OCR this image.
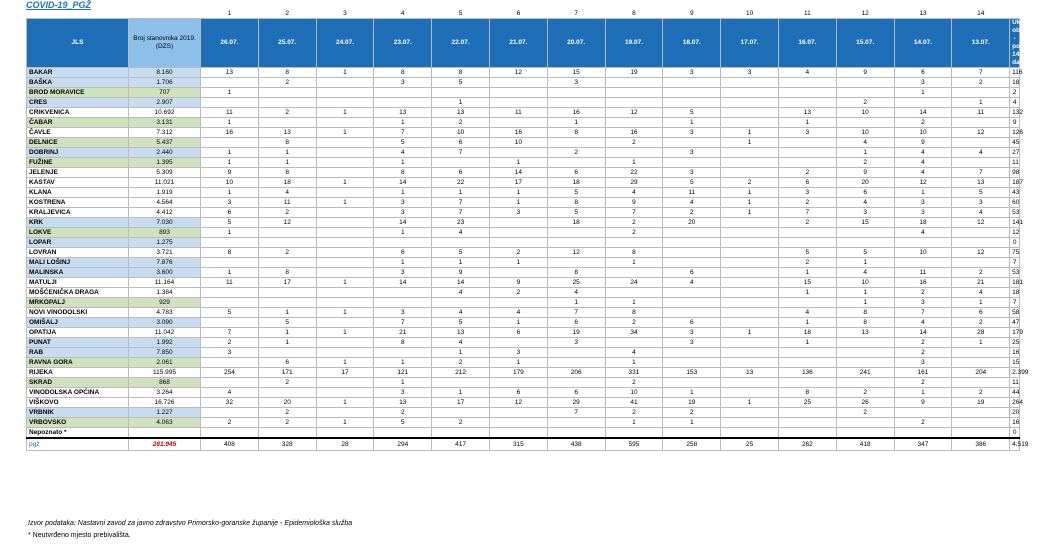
COVID-19_PGŽ
		1	2	3	4	5	6	7	8	9	10	11	12	13	14		
JLS	Broj stanovnika 2019. (DZS)	26.07.	25.07.	24.07.	23.07.	22.07.	21.07.	20.07.	19.07.	18.07.	17.07.	16.07.	15.07.	14.07.	13.07.	Ukupno oboljeli - posljednjih 14 dana	
BAKAR	8.160	13	8	1	8	8	12	15	19	3	3	4	9	6	7	116	
BAŠKA	1.706		2		3	5		3						3	2	18	
BROD MORAVICE	707	1												1		2	
CRES	2.907					1							2		1	4	
CRIKVENICA	10.692	11	2	1	13	13	11	16	12	5		13	10	14	11	132	
ČABAR	3.131	1			1	2		1		1		1		2		9	
ČAVLE	7.312	16	13	1	7	10	16	8	16	3	1	3	10	10	12	126	
DELNICE	5.437		8		5	6	10		2		1		4	9		45	
DOBRINJ	2.440	1	1		4	7		2		3			1	4	4	27	
FUŽINE	1.395	1	1		1		1		1				2	4		11	
JELENJE	5.309	9	8		8	6	14	6	22	3		2	9	4	7	98	
KASTAV	11.021	10	18	1	14	22	17	18	29	5	2	6	20	12	13	187	
KLANA	1.919	1	4		1	1	1	5	4	11	1	3	6	1	5	43	
KOSTRENA	4.564	3	11	1	3	7	1	8	9	4	1	2	4	3	3	60	
KRALJEVICA	4.412	6	2		3	7	3	5	7	2	1	7	3	3	4	53	
KRK	7.030	5	12		14	23		18	2	20		2	15	18	12	141	
LOKVE	893	1			1	4			2					4		12	
LOPAR	1.275															0	
LOVRAN	3.721	8	2		6	5	2	12	8			5	5	10	12	75	
MALI LOŠINJ	7.876				1	1	1		1			2	1			7	
MALINSKA	3.600	1	8		3	9		8		6		1	4	11	2	53	
MATULJI	11.164	11	17	1	14	14	9	25	24	4		15	10	16	21	181	
MOŠĆENIČKA DRAGA	1.384					4	2	4				1	1	2	4	18	
MRKOPALJ	929							1	1				1	3	1	7	
NOVI VINODOLSKI	4.783	5	1	1	3	4	4	7	8			4	8	7	6	58	
OMIŠALJ	3.090		5		7	5	1	6	2	6		1	8	4	2	47	
OPATIJA	11.042	7	1	1	21	13	6	19	34	3	1	18	13	14	28	179	
PUNAT	1.992	2	1		8	4		3		3		1		2	1	25	
RAB	7.850	3				1	3		4					2		16	
RAVNA GORA	2.061		6	1	1	2	1		1					3		15	
RIJEKA	115.995	254	171	17	121	212	179	206	331	153	13	136	241	161	204	2.399	
SKRAD	868		2		1				2					2		11	
VINODOLSKA OPĆINA	3.264	4			3	1	6	6	10	1		8	2	1	2	44	
VIŠKOVO	16.726	32	20	1	13	17	12	29	41	19	1	25	26	9	19	264	
VRBNIK	1.227		2		2			7	2	2			2			20	
VRBOVSKO	4.063	2	2	1	5	2			1	1				2		16	
Nepoznato *																0	
pgž	281.945	408	328	28	294	417	315	438	595	258	25	262	418	347	386	4.519	
Izvor podataka: Nastavni zavod za javno zdravstvo Primorsko-goranske županije - Epidemiološka služba
* Neutvrđeno mjesto prebivališta.
